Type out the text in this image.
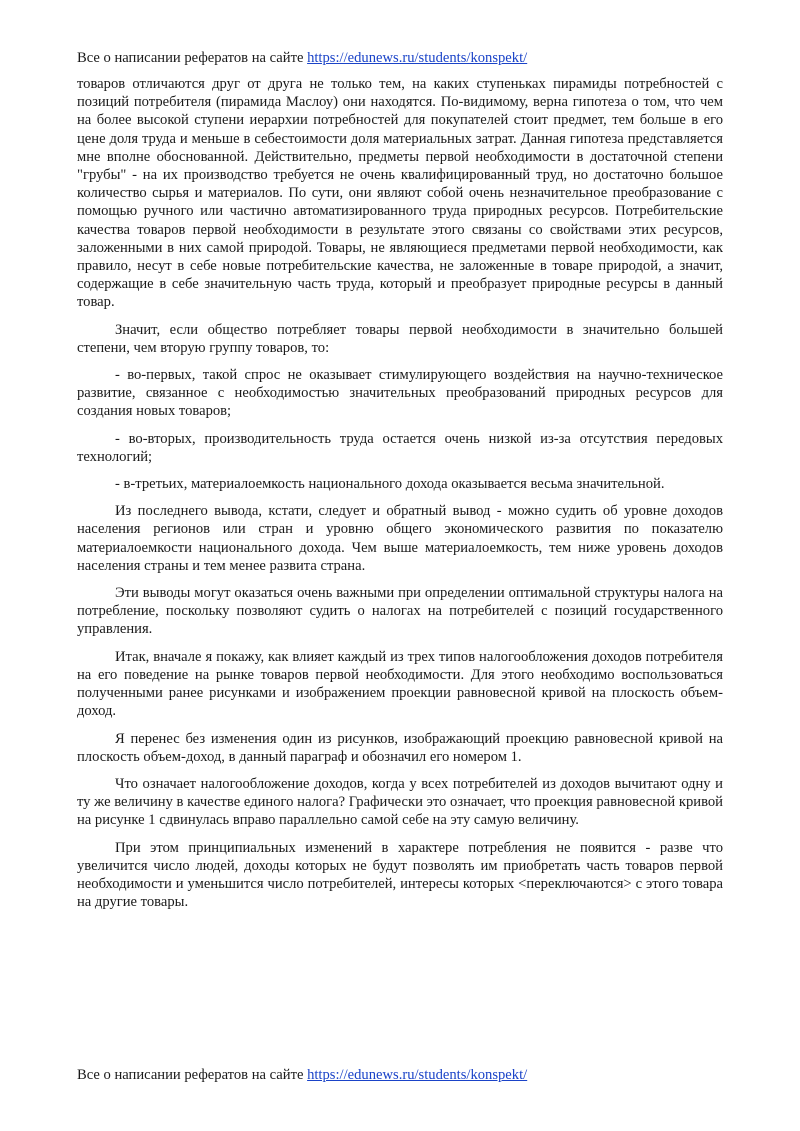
Все о написании рефератов на сайте https://edunews.ru/students/konspekt/

товаров отличаются друг от друга не только тем, на каких ступеньках пирамиды потребностей с позиций потребителя (пирамида Маслоу) они находятся. По-видимому, верна гипотеза о том, что чем на более высокой ступени иерархии потребностей для покупателей стоит предмет, тем больше в его цене доля труда и меньше в себестоимости доля материальных затрат. Данная гипотеза представляется мне вполне обоснованной. Действительно, предметы первой необходимости в достаточной степени "грубы" - на их производство требуется не очень квалифицированный труд, но достаточно большое количество сырья и материалов. По сути, они являют собой очень незначительное преобразование с помощью ручного или частично автоматизированного труда природных ресурсов. Потребительские качества товаров первой необходимости в результате этого связаны со свойствами этих ресурсов, заложенными в них самой природой. Товары, не являющиеся предметами первой необходимости, как правило, несут в себе новые потребительские качества, не заложенные в товаре природой, а значит, содержащие в себе значительную часть труда, который и преобразует природные ресурсы в данный товар.

Значит, если общество потребляет товары первой необходимости в значительно большей степени, чем вторую группу товаров, то:

- во-первых, такой спрос не оказывает стимулирующего воздействия на научно-техническое развитие, связанное с необходимостью значительных преобразований природных ресурсов для создания новых товаров;

- во-вторых, производительность труда остается очень низкой из-за отсутствия передовых технологий;

- в-третьих, материалоемкость национального дохода оказывается весьма значительной.

Из последнего вывода, кстати, следует и обратный вывод - можно судить об уровне доходов населения регионов или стран и уровню общего экономического развития по показателю материалоемкости национального дохода. Чем выше материалоемкость, тем ниже уровень доходов населения страны и тем менее развита страна.

Эти выводы могут оказаться очень важными при определении оптимальной структуры налога на потребление, поскольку позволяют судить о налогах на потребителей с позиций государственного управления.

Итак, вначале я покажу, как влияет каждый из трех типов налогообложения доходов потребителя на его поведение на рынке товаров первой необходимости. Для этого необходимо воспользоваться полученными ранее рисунками и изображением проекции равновесной кривой на плоскость объем-доход.

Я перенес без изменения один из рисунков, изображающий проекцию равновесной кривой на плоскость объем-доход, в данный параграф и обозначил его номером 1.

Что означает налогообложение доходов, когда у всех потребителей из доходов вычитают одну и ту же величину в качестве единого налога? Графически это означает, что проекция равновесной кривой на рисунке 1 сдвинулась вправо параллельно самой себе на эту самую величину.

При этом принципиальных изменений в характере потребления не появится - разве что увеличится число людей, доходы которых не будут позволять им приобретать часть товаров первой необходимости и уменьшится число потребителей, интересы которых <переключаются> с этого товара на другие товары.

Все о написании рефератов на сайте https://edunews.ru/students/konspekt/
